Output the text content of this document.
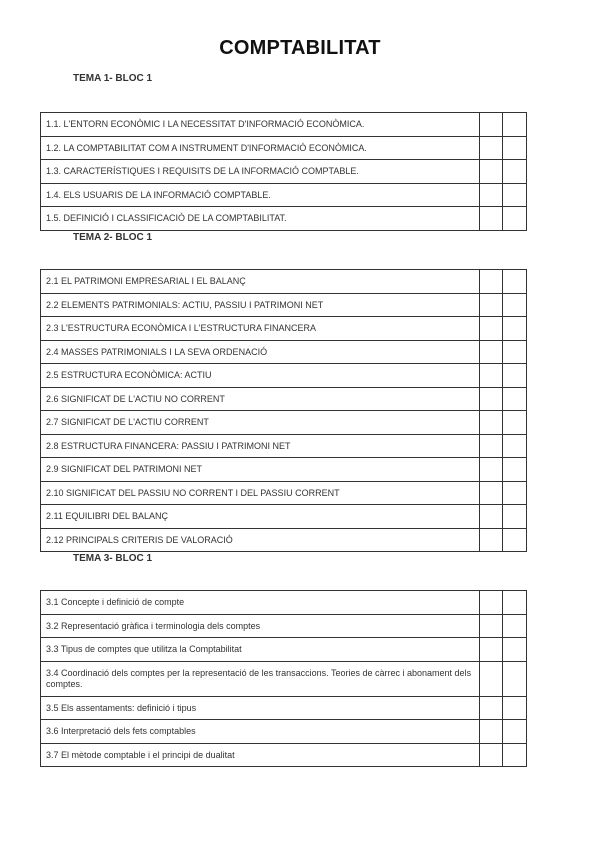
COMPTABILITAT
TEMA 1- BLOC 1
1.1. L'ENTORN ECONÒMIC I LA NECESSITAT D'INFORMACIÓ ECONÒMICA.		
1.2. LA COMPTABILITAT COM A INSTRUMENT D'INFORMACIÓ ECONÒMICA.		
1.3. CARACTERÍSTIQUES I REQUISITS DE LA INFORMACIÓ COMPTABLE.		
1.4. ELS USUARIS DE LA INFORMACIÓ COMPTABLE.		
1.5. DEFINICIÓ I CLASSIFICACIÓ DE LA COMPTABILITAT.		
TEMA 2- BLOC 1
2.1 EL PATRIMONI EMPRESARIAL I EL BALANÇ		
2.2 ELEMENTS PATRIMONIALS: ACTIU, PASSIU I PATRIMONI NET		
2.3 L'ESTRUCTURA ECONÒMICA I L'ESTRUCTURA FINANCERA		
2.4 MASSES PATRIMONIALS I LA SEVA ORDENACIÓ		
2.5 ESTRUCTURA ECONÒMICA: ACTIU		
2.6 SIGNIFICAT DE L'ACTIU NO CORRENT		
2.7 SIGNIFICAT DE L'ACTIU CORRENT		
2.8 ESTRUCTURA FINANCERA: PASSIU I PATRIMONI NET		
2.9 SIGNIFICAT DEL PATRIMONI NET		
2.10 SIGNIFICAT DEL PASSIU NO CORRENT I DEL PASSIU CORRENT		
2.11 EQUILIBRI DEL BALANÇ		
2.12 PRINCIPALS CRITERIS DE VALORACIÓ		
TEMA 3- BLOC 1
3.1 Concepte i definició de compte		
3.2 Representació gràfica i terminologia dels comptes		
3.3 Tipus de comptes que utilitza la Comptabilitat		
3.4 Coordinació dels comptes per la representació de les transaccions. Teories de càrrec i abonament dels comptes.		
3.5 Els assentaments: definició i tipus		
3.6 Interpretació dels fets comptables		
3.7 El mètode comptable i el principi de dualitat		
